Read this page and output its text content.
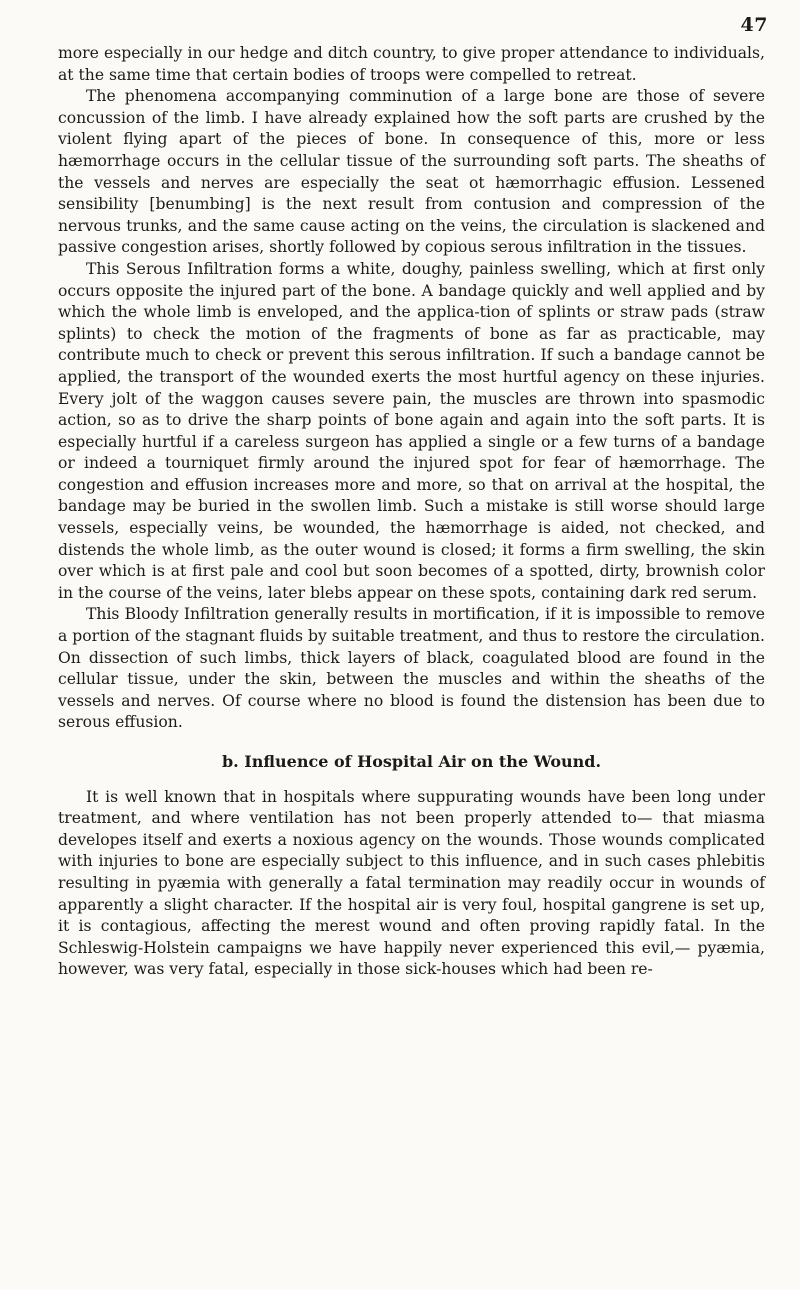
47

more especially in our hedge and ditch country, to give proper attendance to individuals, at the same time that certain bodies of troops were compelled to retreat.

The phenomena accompanying comminution of a large bone are those of severe concussion of the limb. I have already explained how the soft parts are crushed by the violent flying apart of the pieces of bone. In consequence of this, more or less hæmorrhage occurs in the cellular tissue of the surrounding soft parts. The sheaths of the vessels and nerves are especially the seat ot hæmorrhagic effusion. Lessened sensibility [benumbing] is the next result from contusion and compression of the nervous trunks, and the same cause acting on the veins, the circulation is slackened and passive congestion arises, shortly followed by copious serous infiltration in the tissues.

This Serous Infiltration forms a white, doughy, painless swelling, which at first only occurs opposite the injured part of the bone. A bandage quickly and well applied and by which the whole limb is enveloped, and the applica-tion of splints or straw pads (straw splints) to check the motion of the fragments of bone as far as practicable, may contribute much to check or prevent this serous infiltration. If such a bandage cannot be applied, the transport of the wounded exerts the most hurtful agency on these injuries. Every jolt of the waggon causes severe pain, the muscles are thrown into spasmodic action, so as to drive the sharp points of bone again and again into the soft parts. It is especially hurtful if a careless surgeon has applied a single or a few turns of a bandage or indeed a tourniquet firmly around the injured spot for fear of hæmorrhage. The congestion and effusion increases more and more, so that on arrival at the hospital, the bandage may be buried in the swollen limb. Such a mistake is still worse should large vessels, especially veins, be wounded, the hæmorrhage is aided, not checked, and distends the whole limb, as the outer wound is closed; it forms a firm swelling, the skin over which is at first pale and cool but soon becomes of a spotted, dirty, brownish color in the course of the veins, later blebs appear on these spots, containing dark red serum.

This Bloody Infiltration generally results in mortification, if it is impossible to remove a portion of the stagnant fluids by suitable treatment, and thus to restore the circulation. On dissection of such limbs, thick layers of black, coagulated blood are found in the cellular tissue, under the skin, between the muscles and within the sheaths of the vessels and nerves. Of course where no blood is found the distension has been due to serous effusion.

b. Influence of Hospital Air on the Wound.

It is well known that in hospitals where suppurating wounds have been long under treatment, and where ventilation has not been properly attended to— that miasma developes itself and exerts a noxious agency on the wounds. Those wounds complicated with injuries to bone are especially subject to this influence, and in such cases phlebitis resulting in pyæmia with generally a fatal termination may readily occur in wounds of apparently a slight character. If the hospital air is very foul, hospital gangrene is set up, it is contagious, affecting the merest wound and often proving rapidly fatal. In the Schleswig-Holstein campaigns we have happily never experienced this evil,— pyæmia, however, was very fatal, especially in those sick-houses which had been re-
